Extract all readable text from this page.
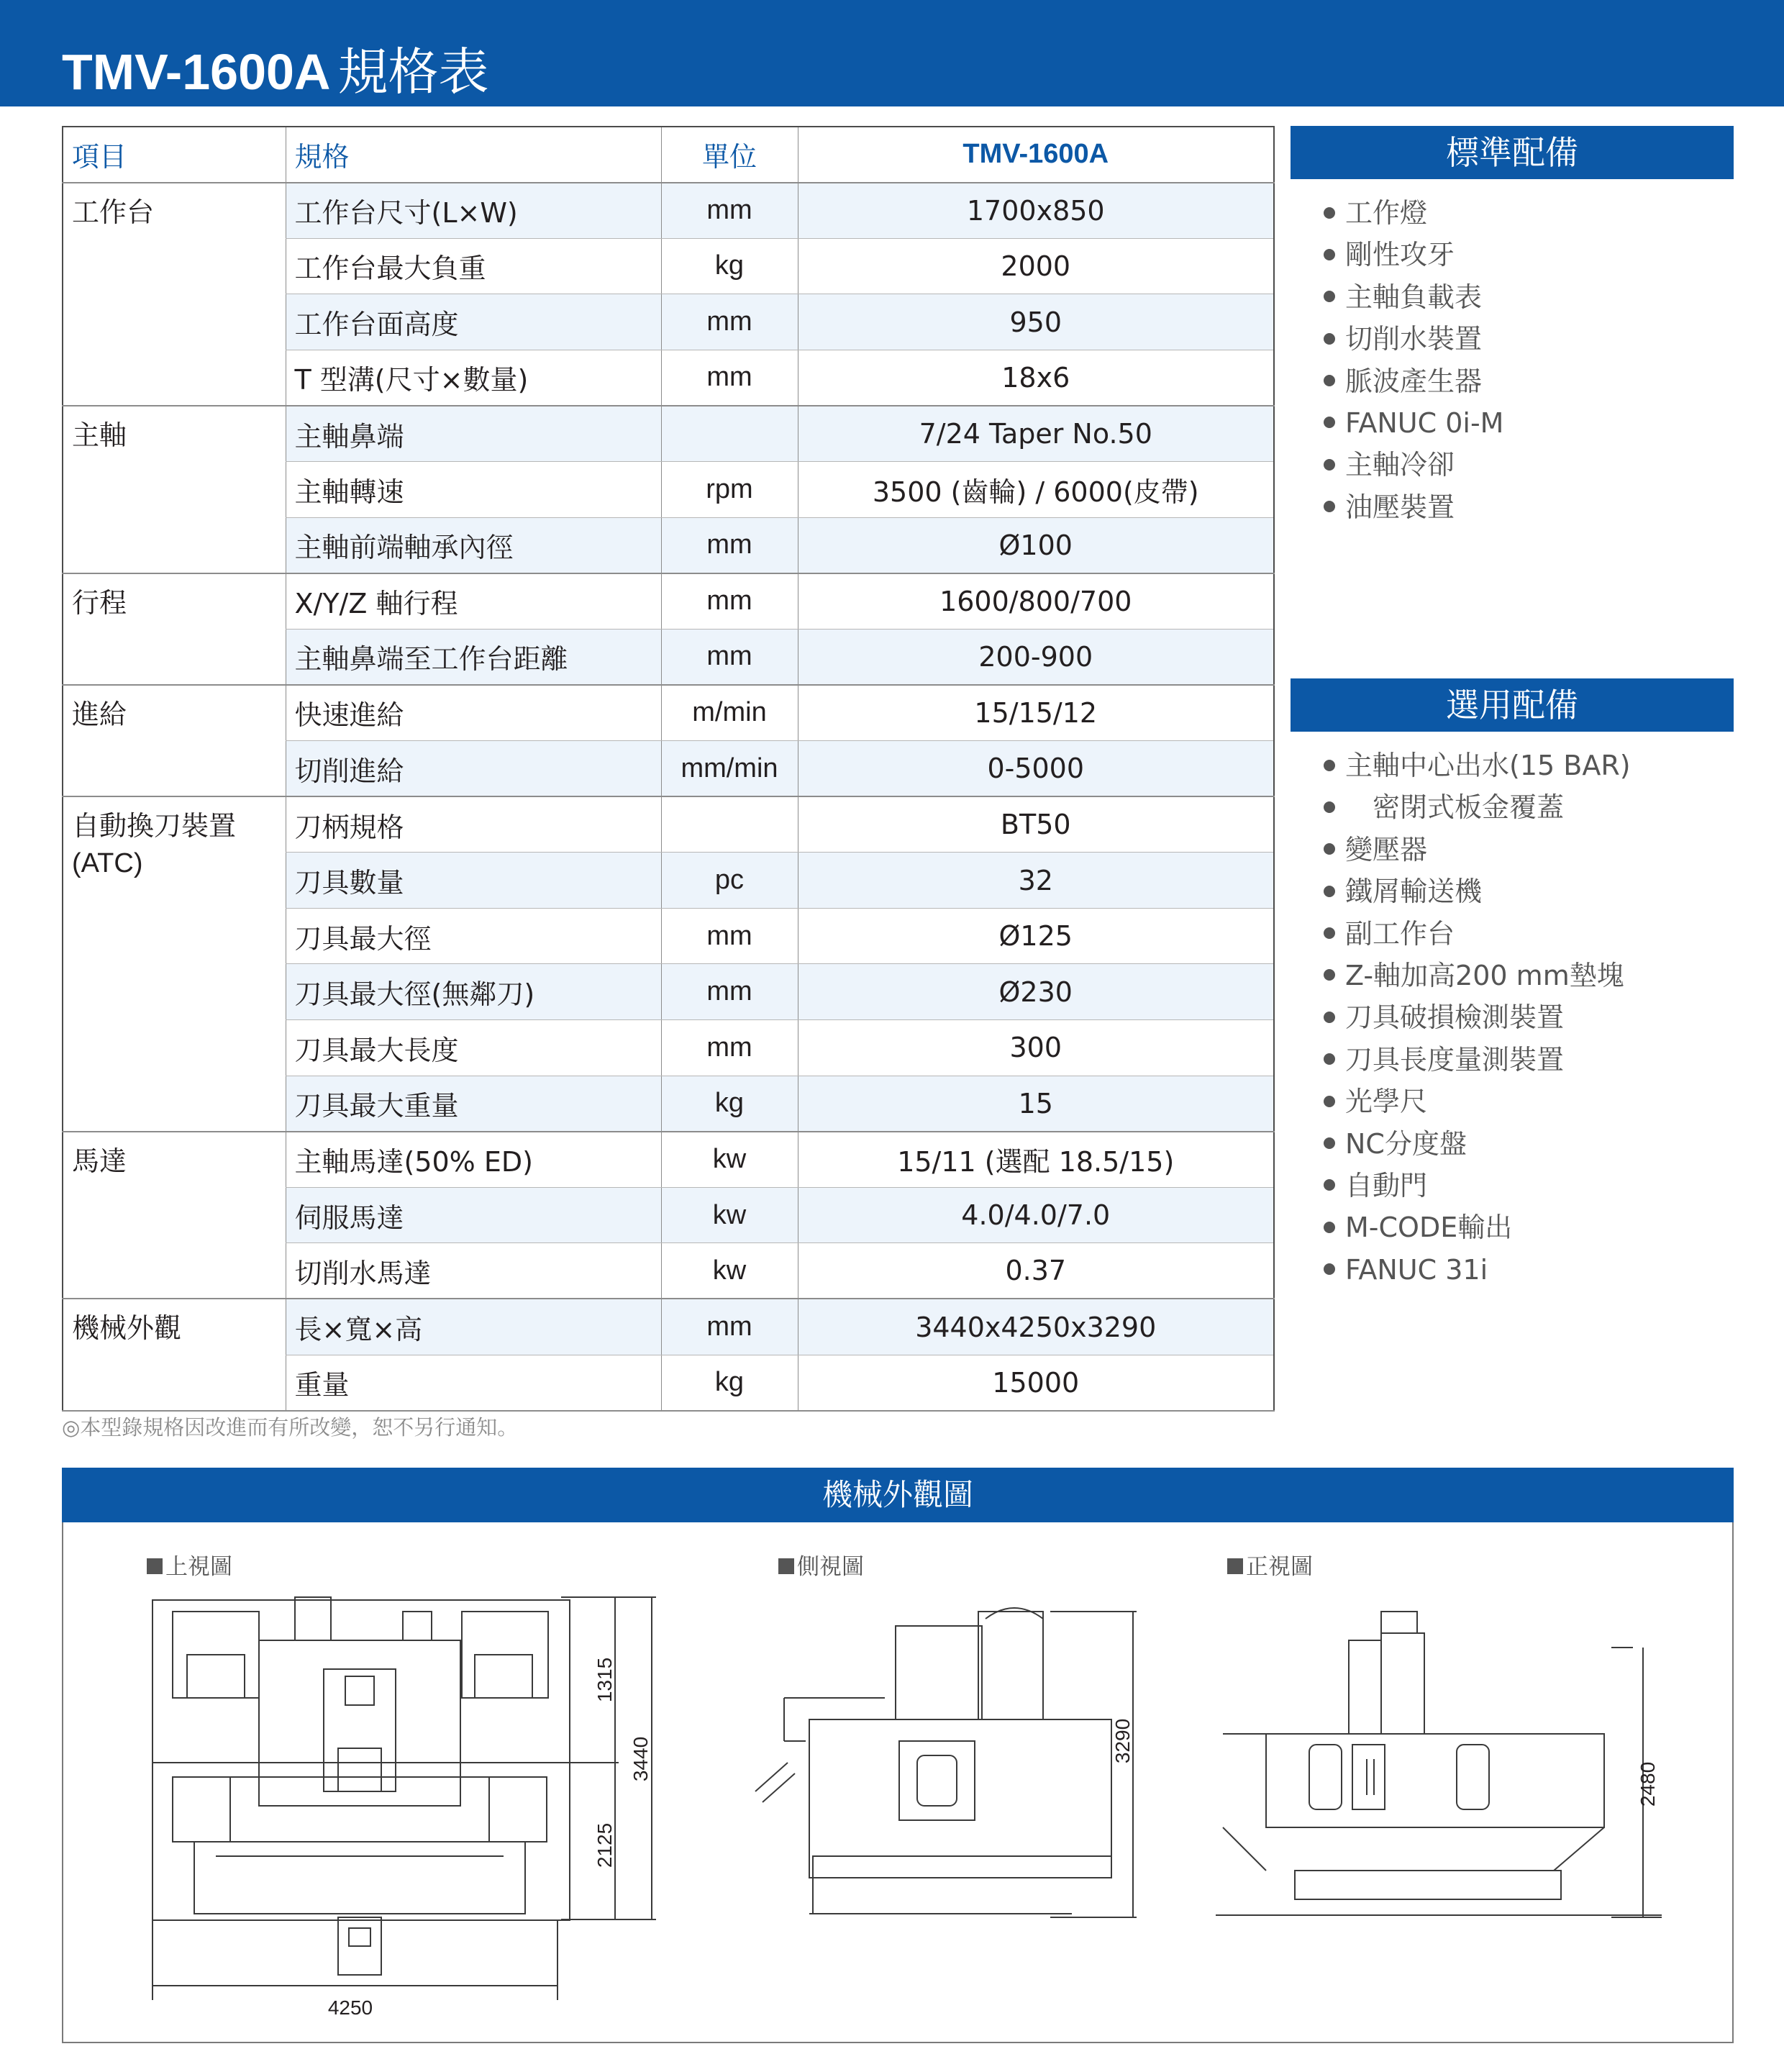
TMV-1600A 規格表
項目	規格	單位	TMV-1600A

工作台	工作台尺寸(L×W)	mm	1700x850
	工作台最大負重	kg	2000
	工作台面高度	mm	950
	T 型溝(尺寸×數量)	mm	18x6

主軸	主軸鼻端		7/24 Taper No.50
	主軸轉速	rpm	3500 (齒輪) / 6000(皮帶)
	主軸前端軸承內徑	mm	Ø100

行程	X/Y/Z 軸行程	mm	1600/800/700
	主軸鼻端至工作台距離	mm	200-900

進給	快速進給	m/min	15/15/12
	切削進給	mm/min	0-5000

自動換刀裝置
(ATC)	刀柄規格		BT50
	刀具數量	pc	32
	刀具最大徑	mm	Ø125
	刀具最大徑(無鄰刀)	mm	Ø230
	刀具最大長度	mm	300
	刀具最大重量	kg	15

馬達	主軸馬達(50% ED)	kw	15/11 (選配 18.5/15)
	伺服馬達	kw	4.0/4.0/7.0
	切削水馬達	kw	0.37

機械外觀	長×寬×高	mm	3440x4250x3290
	重量	kg	15000
◎本型錄規格因改進而有所改變，恕不另行通知。
標準配備
工作燈
剛性攻牙
主軸負載表
切削水裝置
脈波產生器
FANUC 0i-M
主軸冷卻
油壓裝置
選用配備
主軸中心出水(15 BAR)
　密閉式板金覆蓋
變壓器
鐵屑輸送機
副工作台
Z-軸加高200 mm墊塊
刀具破損檢測裝置
刀具長度量測裝置
光學尺
NC分度盤
自動門
M-CODE輸出
FANUC 31i
機械外觀圖
上視圖	側視圖	正視圖
1315
2125
3440
4250
3290
2480
